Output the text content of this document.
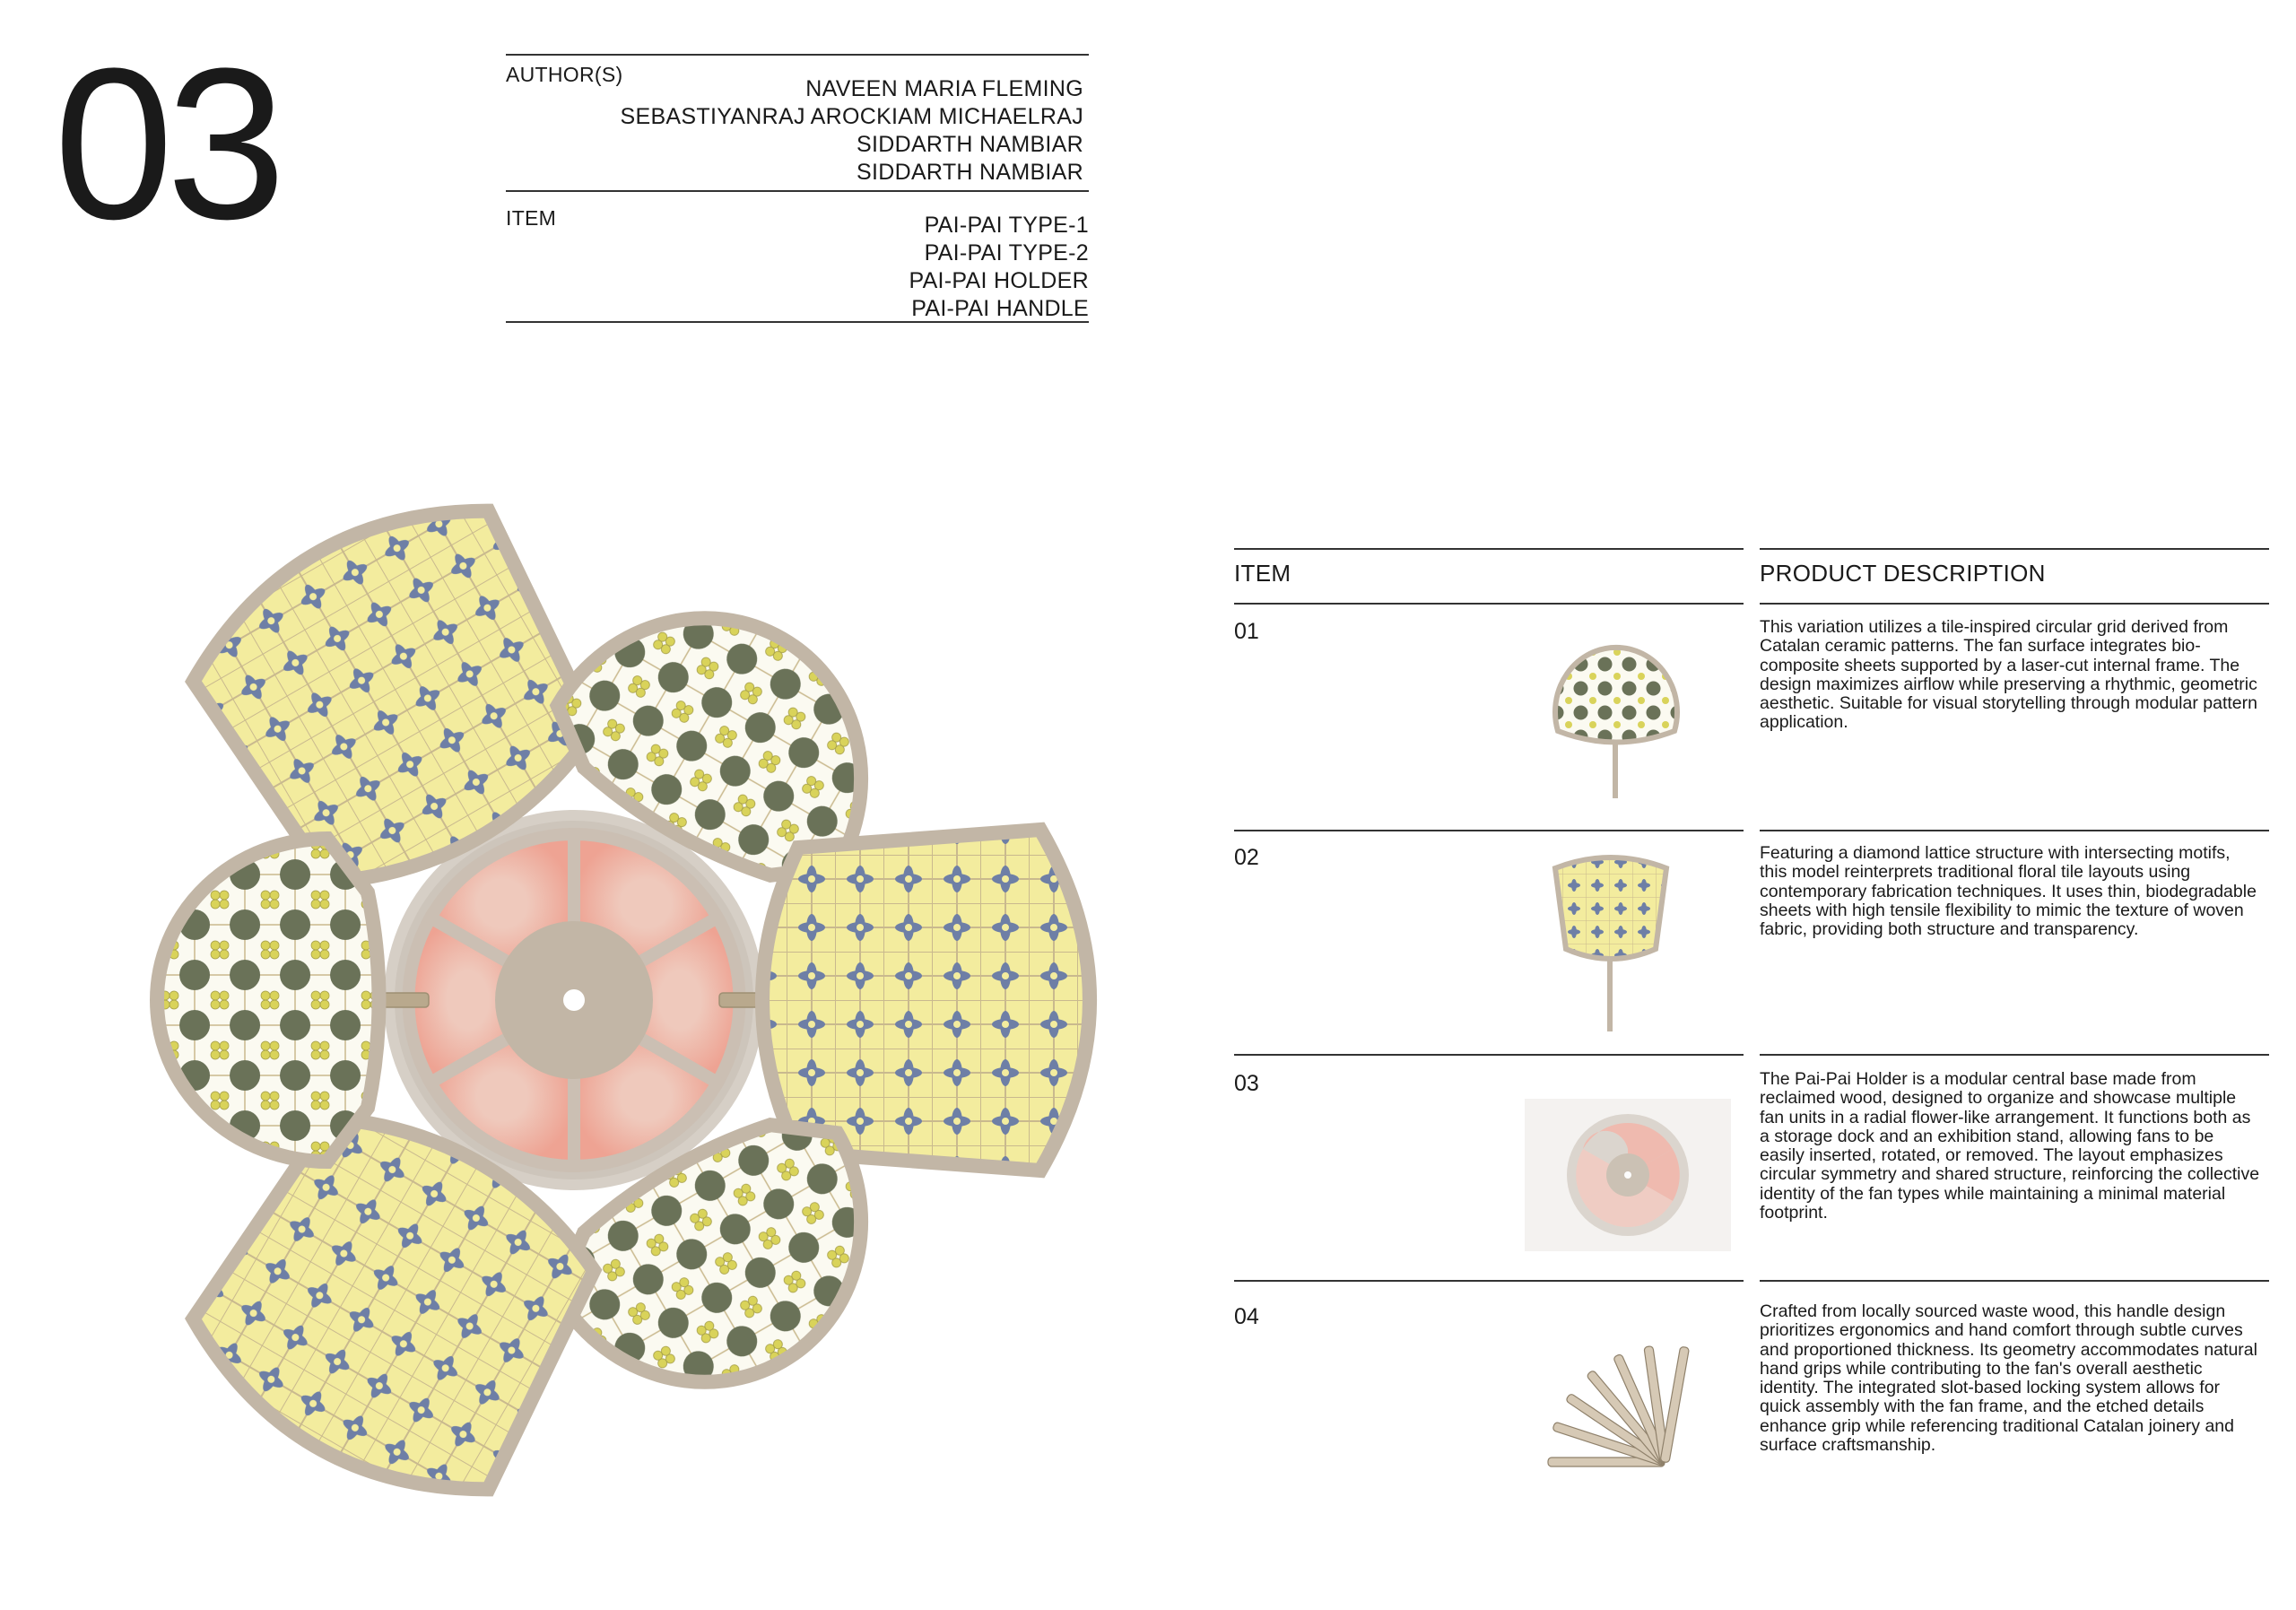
03	AUTHOR(S)
NAVEEN MARIA FLEMING
SEBASTIYANRAJ AROCKIAM MICHAELRAJ
SIDDARTH NAMBIAR
SIDDARTH NAMBIAR
ITEM	PAI-PAI TYPE-1
PAI-PAI TYPE-2
PAI-PAI HOLDER
PAI-PAI HANDLE
ITEM	PRODUCT DESCRIPTION
01	This variation utilizes a tile-inspired circular grid derived from Catalan ceramic patterns. The fan surface integrates bio-composite sheets supported by a laser-cut internal frame. The design maximizes airflow while preserving a rhythmic, geometric aesthetic. Suitable for visual storytelling through modular pattern application.
02	Featuring a diamond lattice structure with intersecting motifs, this model reinterprets traditional floral tile layouts using contemporary fabrication techniques. It uses thin, biodegradable sheets with high tensile flexibility to mimic the texture of woven fabric, providing both structure and transparency.
03	The Pai-Pai Holder is a modular central base made from reclaimed wood, designed to organize and showcase multiple fan units in a radial flower-like arrangement. It functions both as a storage dock and an exhibition stand, allowing fans to be easily inserted, rotated, or removed. The layout emphasizes circular symmetry and shared structure, reinforcing the collective identity of the fan types while maintaining a minimal material footprint.
04	Crafted from locally sourced waste wood, this handle design prioritizes ergonomics and hand comfort through subtle curves and proportioned thickness. Its geometry accommodates natural hand grips while contributing to the fan's overall aesthetic identity. The integrated slot-based locking system allows for quick assembly with the fan frame, and the etched details enhance grip while referencing traditional Catalan joinery and surface craftsmanship.
